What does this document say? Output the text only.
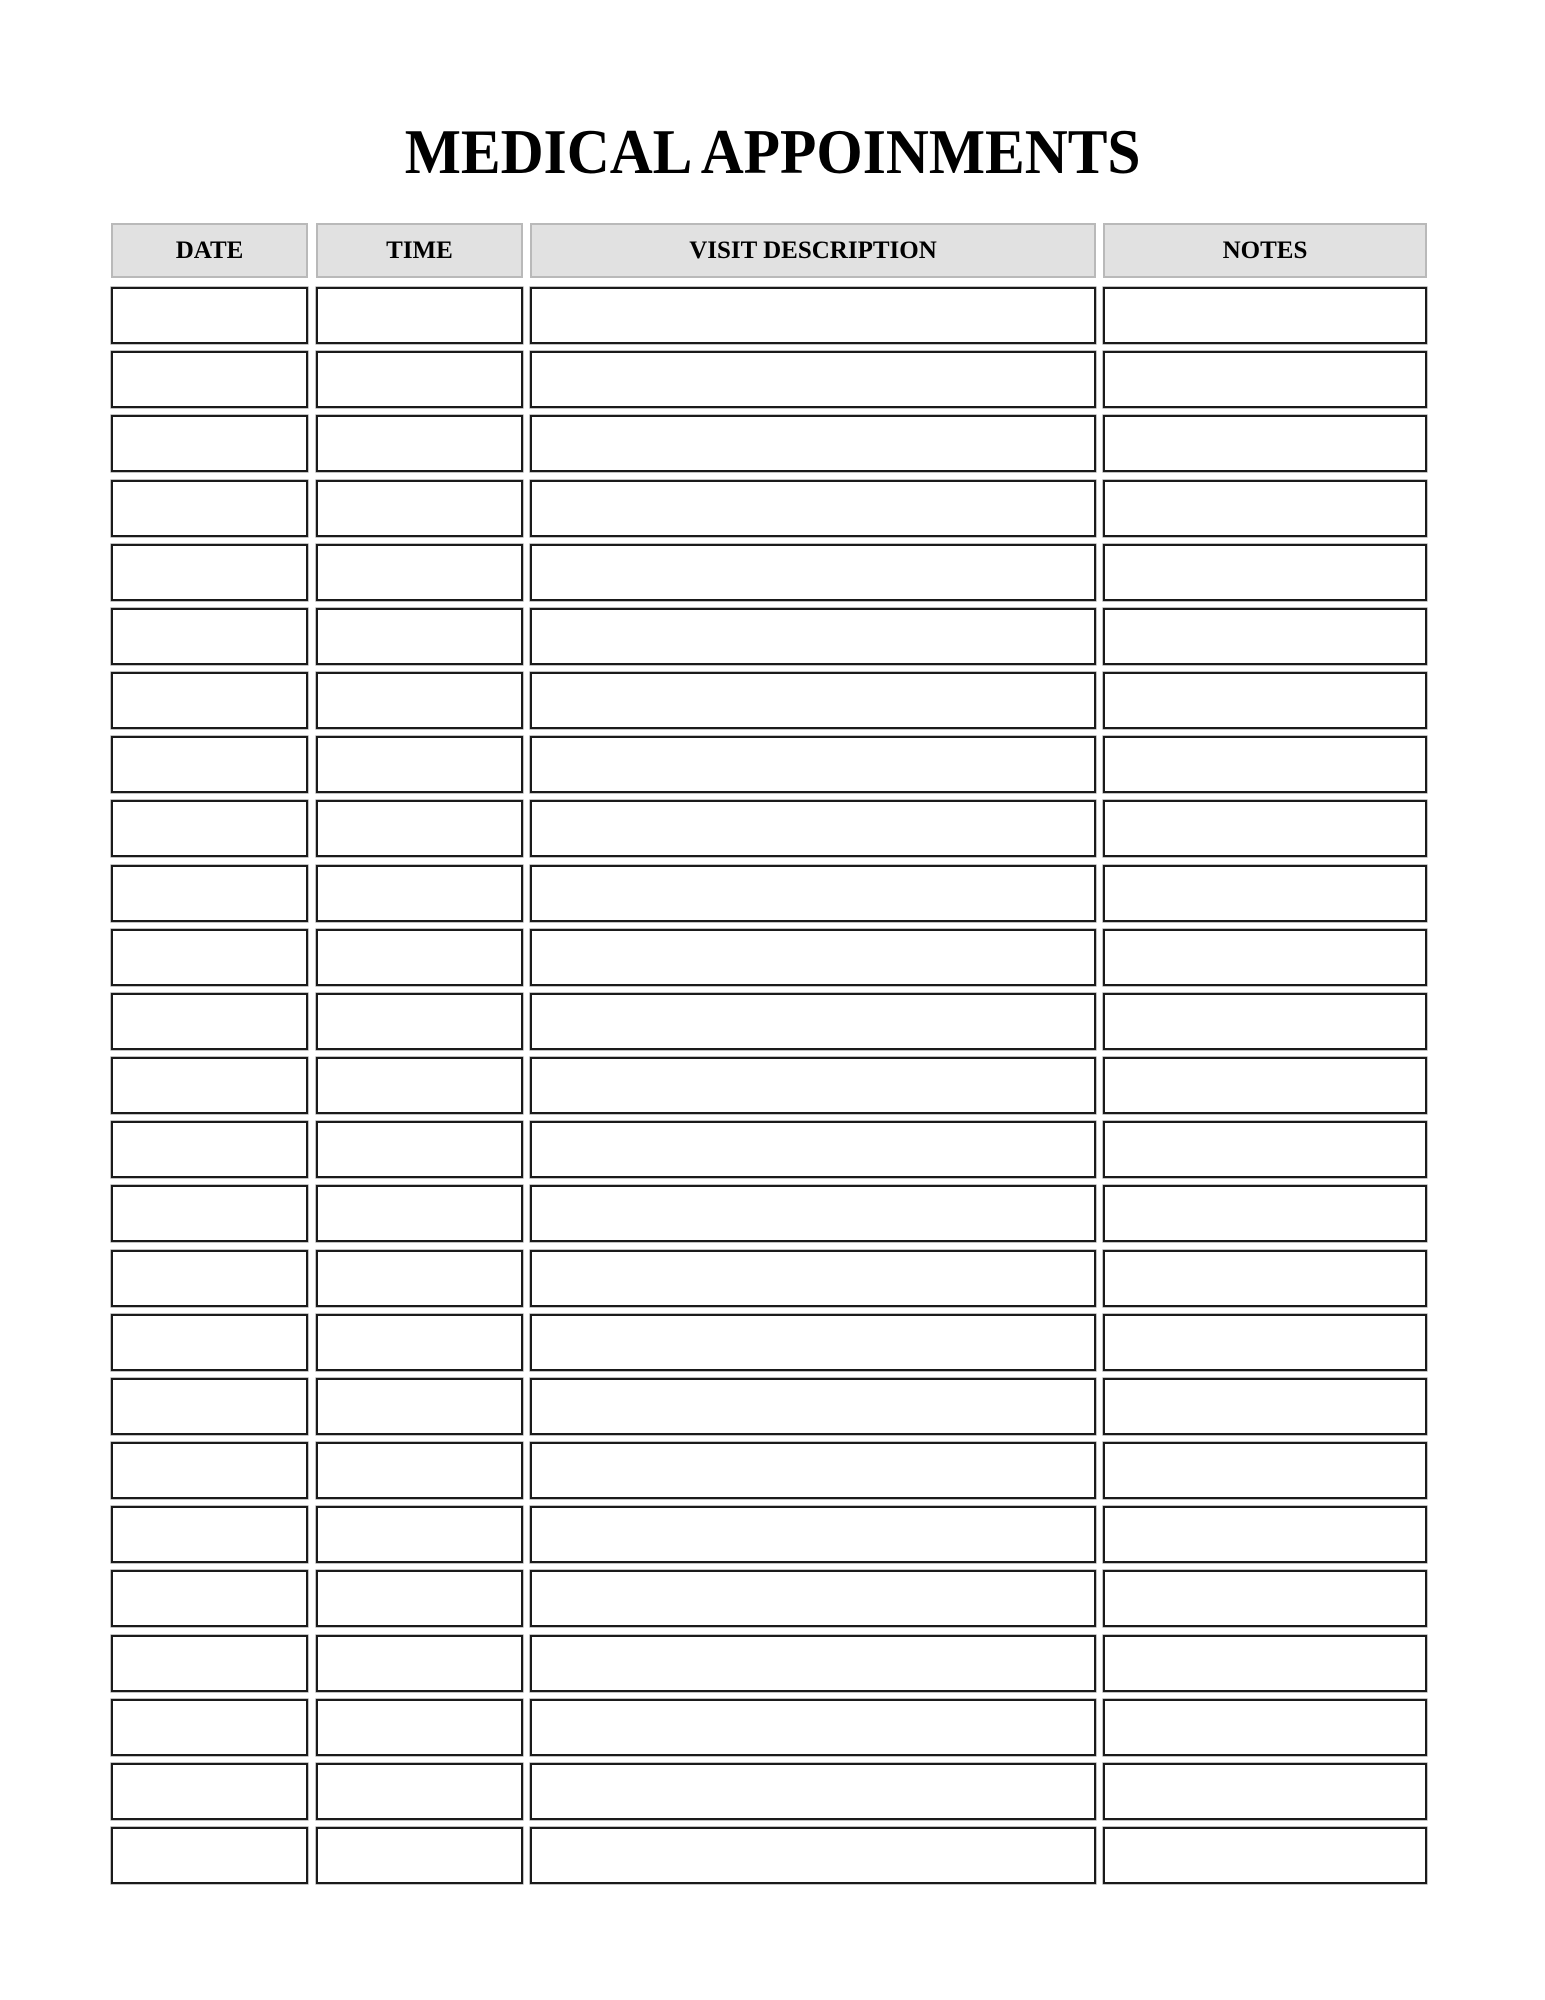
MEDICAL APPOINMENTS
DATE	TIME	VISIT DESCRIPTION	NOTES
